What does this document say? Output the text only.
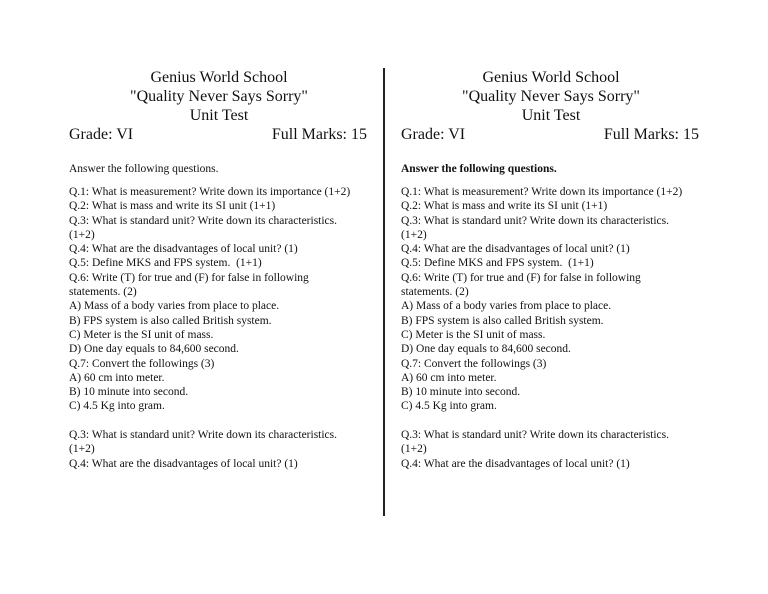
Genius World School
"Quality Never Says Sorry"
Unit Test
Grade: VI	Full Marks: 15
Answer the following questions.
Q.1: What is measurement? Write down its importance (1+2)
Q.2: What is mass and write its SI unit (1+1)
Q.3: What is standard unit? Write down its characteristics.
(1+2)
Q.4: What are the disadvantages of local unit? (1)
Q.5: Define MKS and FPS system.  (1+1)
Q.6: Write (T) for true and (F) for false in following
statements. (2)
A) Mass of a body varies from place to place.
B) FPS system is also called British system.
C) Meter is the SI unit of mass.
D) One day equals to 84,600 second.
Q.7: Convert the followings (3)
A) 60 cm into meter.
B) 10 minute into second.
C) 4.5 Kg into gram.
Q.3: What is standard unit? Write down its characteristics.
(1+2)
Q.4: What are the disadvantages of local unit? (1)
Genius World School
"Quality Never Says Sorry"
Unit Test
Grade: VI	Full Marks: 15
Answer the following questions.
Q.1: What is measurement? Write down its importance (1+2)
Q.2: What is mass and write its SI unit (1+1)
Q.3: What is standard unit? Write down its characteristics.
(1+2)
Q.4: What are the disadvantages of local unit? (1)
Q.5: Define MKS and FPS system.  (1+1)
Q.6: Write (T) for true and (F) for false in following
statements. (2)
A) Mass of a body varies from place to place.
B) FPS system is also called British system.
C) Meter is the SI unit of mass.
D) One day equals to 84,600 second.
Q.7: Convert the followings (3)
A) 60 cm into meter.
B) 10 minute into second.
C) 4.5 Kg into gram.
Q.3: What is standard unit? Write down its characteristics.
(1+2)
Q.4: What are the disadvantages of local unit? (1)
